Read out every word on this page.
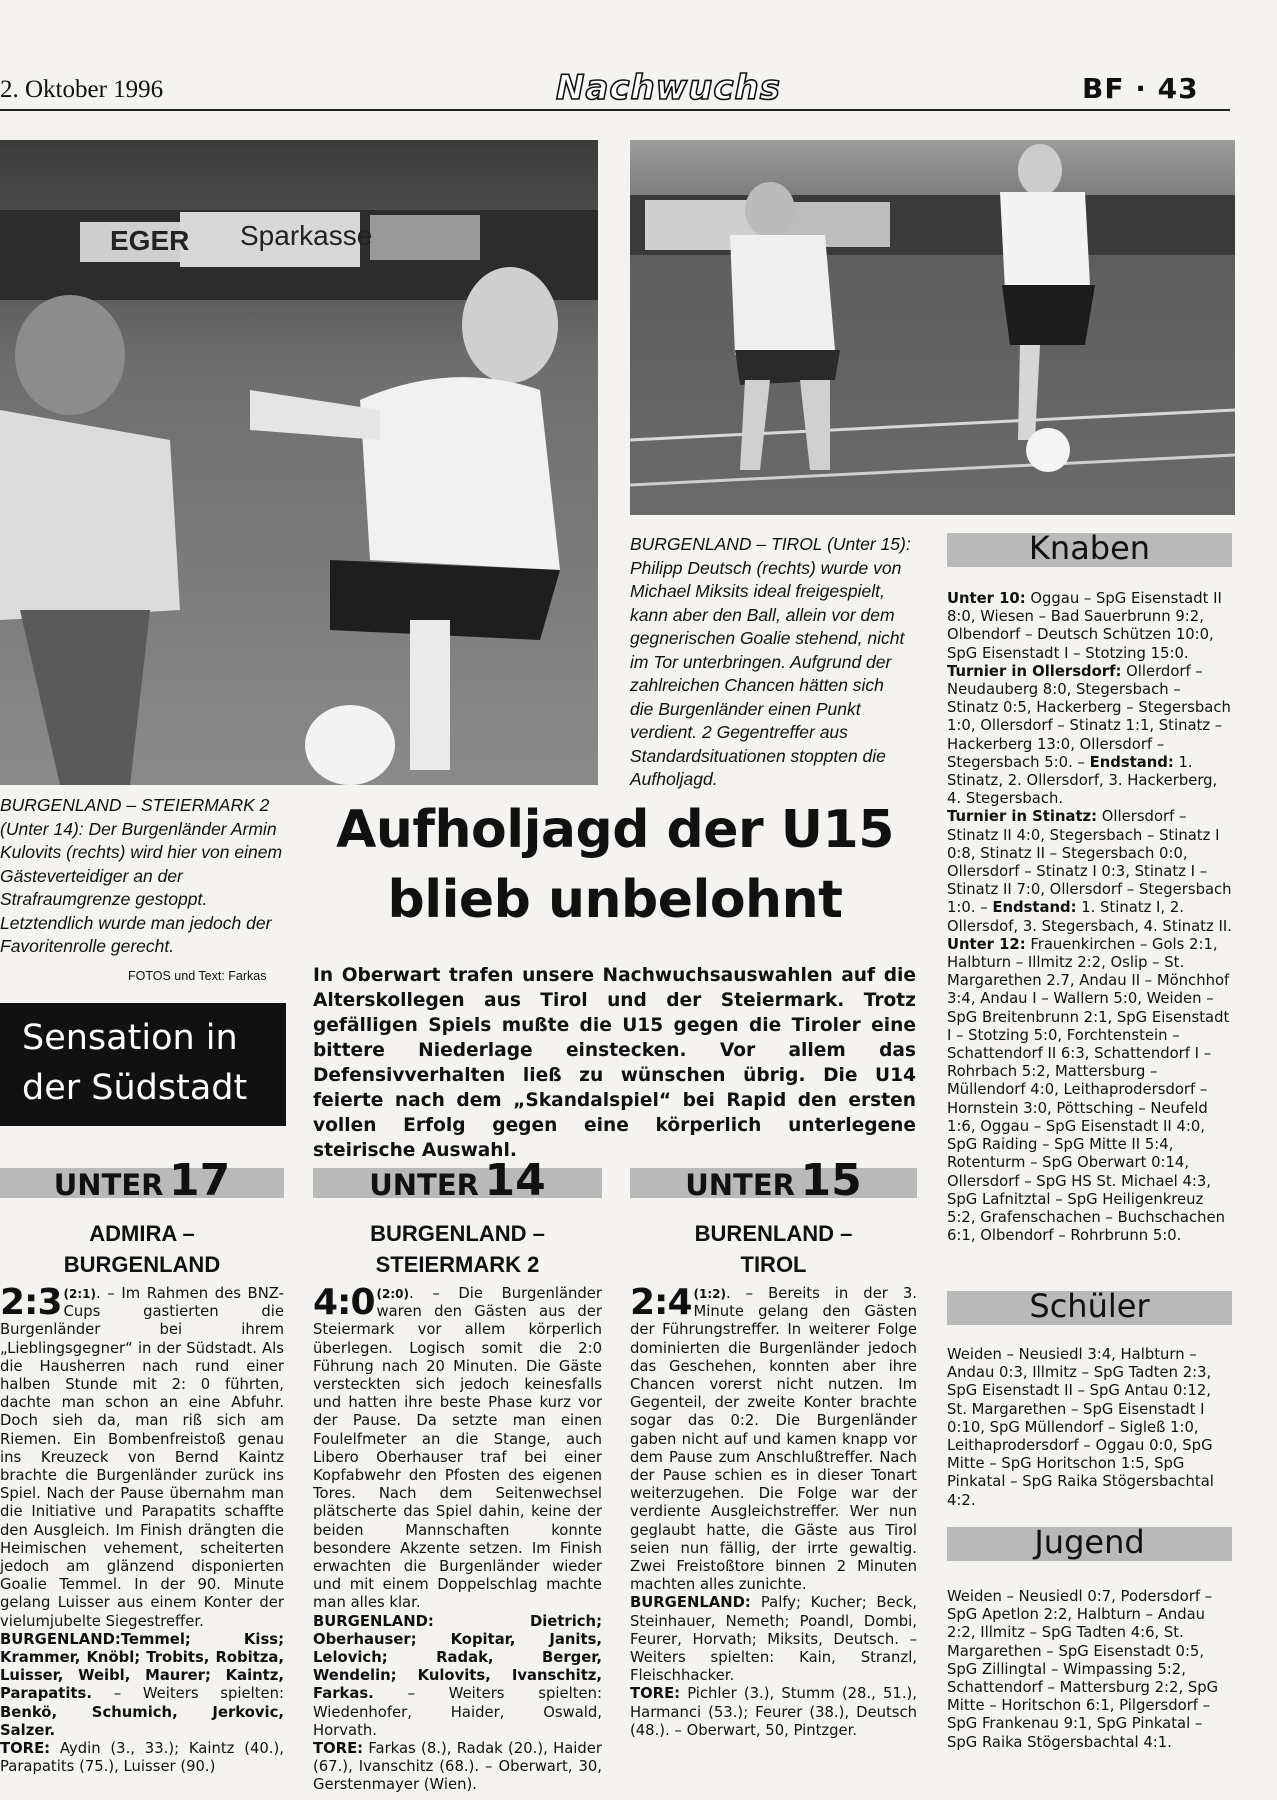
2. Oktober 1996	Nachwuchs	BF · 43
Sparkasse
EGER
BURGENLAND – STEIERMARK 2 (Unter 14): Der Burgenländer Armin Kulovits (rechts) wird hier von einem Gästeverteidiger an der Strafraumgrenze gestoppt. Letztendlich wurde man jedoch der Favoritenrolle gerecht.
FOTOS und Text: Farkas
BURGENLAND – TIROL (Unter 15): Philipp Deutsch (rechts) wurde von Michael Miksits ideal freigespielt, kann aber den Ball, allein vor dem gegnerischen Goalie stehend, nicht im Tor unterbringen. Aufgrund der zahlreichen Chancen hätten sich die Burgenländer einen Punkt verdient. 2 Gegentreffer aus Standardsituationen stoppten die Aufholjagd.
Aufholjagd der U15
blieb unbelohnt
In Oberwart trafen unsere Nachwuchsauswahlen auf die Alterskollegen aus Tirol und der Steiermark. Trotz gefälligen Spiels mußte die U15 gegen die Tiroler eine bittere Niederlage einstecken. Vor allem das Defensivverhalten ließ zu wünschen übrig. Die U14 feierte nach dem „Skandalspiel“ bei Rapid den ersten vollen Erfolg gegen eine körperlich unterlegene steirische Auswahl.
Sensation in
der Südstadt
UNTER 17	UNTER 14	UNTER 15
ADMIRA –
BURGENLAND
BURGENLAND –
STEIERMARK 2
BURENLAND –
TIROL

2:3 $^{(2:1)}$. – Im Rahmen des BNZ-Cups gastierten die Burgenländer bei ihrem „Lieblingsgegner“ in der Südstadt. Als die Hausherren nach rund einer halben Stunde mit 2: 0 führten, dachte man schon an eine Abfuhr. Doch sieh da, man riß sich am Riemen. Ein Bombenfreistoß genau ins Kreuzeck von Bernd Kaintz brachte die Burgenländer zurück ins Spiel. Nach der Pause übernahm man die Initiative und Parapatits schaffte den Ausgleich. Im Finish drängten die Heimischen vehement, scheiterten jedoch am glänzend disponierten Goalie Temmel. In der 90. Minute gelang Luisser aus einem Konter der vielumjubelte Siegestreffer.

BURGENLAND:Temmel; Kiss; Krammer, Knöbl; Trobits, Robitza, Luisser, Weibl, Maurer; Kaintz, Parapatits. – Weiters spielten: Benkö, Schumich, Jerkovic, Salzer.

TORE: Aydin (3., 33.); Kaintz (40.), Parapatits (75.), Luisser (90.)

4:0 $^{(2:0)}$. – Die Burgenländer waren den Gästen aus der Steiermark vor allem körperlich überlegen. Logisch somit die 2:0 Führung nach 20 Minuten. Die Gäste versteckten sich jedoch keinesfalls und hatten ihre beste Phase kurz vor der Pause. Da setzte man einen Foulelfmeter an die Stange, auch Libero Oberhauser traf bei einer Kopfabwehr den Pfosten des eigenen Tores. Nach dem Seitenwechsel plätscherte das Spiel dahin, keine der beiden Mannschaften konnte besondere Akzente setzen. Im Finish erwachten die Burgenländer wieder und mit einem Doppelschlag machte man alles klar.

BURGENLAND: Dietrich; Oberhauser; Kopitar, Janits, Lelovich; Radak, Berger, Wendelin; Kulovits, Ivanschitz, Farkas. – Weiters spielten: Wiedenhofer, Haider, Oswald, Horvath.

TORE: Farkas (8.), Radak (20.), Haider (67.), Ivanschitz (68.). – Oberwart, 30, Gerstenmayer (Wien).

2:4 $^{(1:2)}$. – Bereits in der 3. Minute gelang den Gästen der Führungstreffer. In weiterer Folge dominierten die Burgenländer jedoch das Geschehen, konnten aber ihre Chancen vorerst nicht nutzen. Im Gegenteil, der zweite Konter brachte sogar das 0:2. Die Burgenländer gaben nicht auf und kamen knapp vor dem Pause zum Anschlußtreffer. Nach der Pause schien es in dieser Tonart weiterzugehen. Die Folge war der verdiente Ausgleichstreffer. Wer nun geglaubt hatte, die Gäste aus Tirol seien nun fällig, der irrte gewaltig. Zwei Freistoßtore binnen 2 Minuten machten alles zunichte.

BURGENLAND: Palfy; Kucher; Beck, Steinhauer, Nemeth; Poandl, Dombi, Feurer, Horvath; Miksits, Deutsch. – Weiters spielten: Kain, Stranzl, Fleischhacker.

TORE: Pichler (3.), Stumm (28., 51.), Harmanci (53.); Feurer (38.), Deutsch (48.). – Oberwart, 50, Pintzger.

Knaben

Unter 10: Oggau – SpG Eisenstadt II 8:0, Wiesen – Bad Sauerbrunn 9:2, Olbendorf – Deutsch Schützen 10:0, SpG Eisenstadt I – Stotzing 15:0.

Turnier in Ollersdorf: Ollerdorf – Neudauberg 8:0, Stegersbach – Stinatz 0:5, Hackerberg – Stegersbach 1:0, Ollersdorf – Stinatz 1:1, Stinatz – Hackerberg 13:0, Ollersdorf – Stegersbach 5:0. – Endstand: 1. Stinatz, 2. Ollersdorf, 3. Hackerberg, 4. Stegersbach.

Turnier in Stinatz: Ollersdorf – Stinatz II 4:0, Stegersbach – Stinatz I 0:8, Stinatz II – Stegersbach 0:0, Ollersdorf – Stinatz I 0:3, Stinatz I – Stinatz II 7:0, Ollersdorf – Stegersbach 1:0. – Endstand: 1. Stinatz I, 2. Ollersdof, 3. Stegersbach, 4. Stinatz II.

Unter 12: Frauenkirchen – Gols 2:1, Halbturn – Illmitz 2:2, Oslip – St. Margarethen 2.7, Andau II – Mönchhof 3:4, Andau I – Wallern 5:0, Weiden – SpG Breitenbrunn 2:1, SpG Eisenstadt I – Stotzing 5:0, Forchtenstein – Schattendorf II 6:3, Schattendorf I – Rohrbach 5:2, Mattersburg – Müllendorf 4:0, Leithaprodersdorf – Hornstein 3:0, Pöttsching – Neufeld 1:6, Oggau – SpG Eisenstadt II 4:0, SpG Raiding – SpG Mitte II 5:4, Rotenturm – SpG Oberwart 0:14, Ollersdorf – SpG HS St. Michael 4:3, SpG Lafnitztal – SpG Heiligenkreuz 5:2, Grafenschachen – Buchschachen 6:1, Olbendorf – Rohrbrunn 5:0.

Schüler
Weiden – Neusiedl 3:4, Halbturn – Andau 0:3, Illmitz – SpG Tadten 2:3, SpG Eisenstadt II – SpG Antau 0:12, St. Margarethen – SpG Eisenstadt I 0:10, SpG Müllendorf – Sigleß 1:0, Leithaprodersdorf – Oggau 0:0, SpG Mitte – SpG Horitschon 1:5, SpG Pinkatal – SpG Raika Stögersbachtal 4:2.
Jugend
Weiden – Neusiedl 0:7, Podersdorf – SpG Apetlon 2:2, Halbturn – Andau 2:2, Illmitz – SpG Tadten 4:6, St. Margarethen – SpG Eisenstadt 0:5, SpG Zillingtal – Wimpassing 5:2, Schattendorf – Mattersburg 2:2, SpG Mitte – Horitschon 6:1, Pilgersdorf – SpG Frankenau 9:1, SpG Pinkatal – SpG Raika Stögersbachtal 4:1.
